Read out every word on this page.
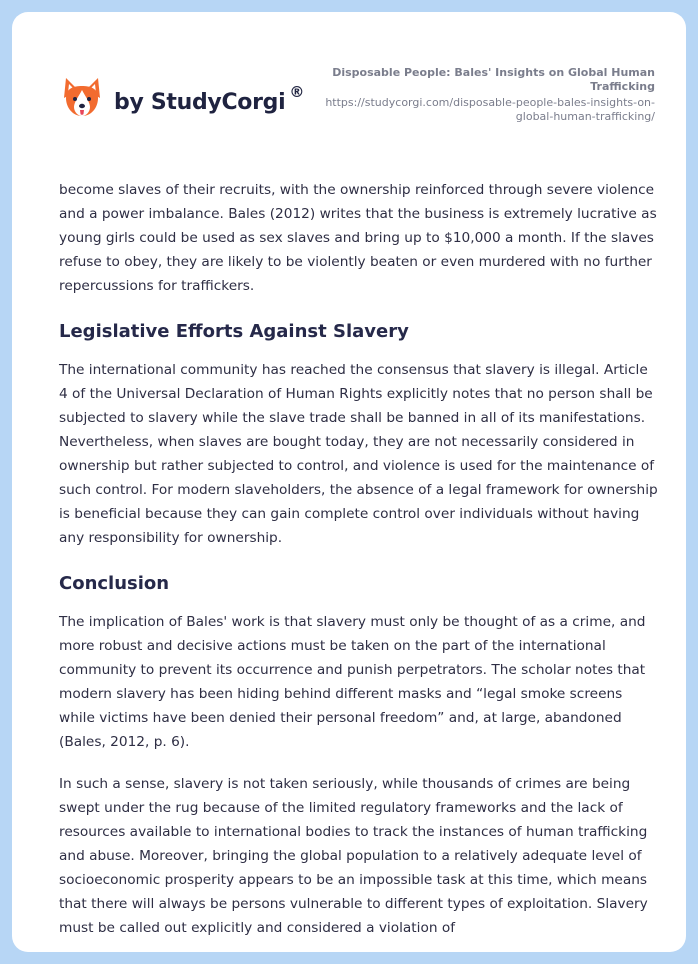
by StudyCorgi ®
Disposable People: Bales' Insights on Global Human Trafficking
https://studycorgi.com/disposable-people-bales-insights-on-global-human-trafficking/

become slaves of their recruits, with the ownership reinforced through severe violence and a power imbalance. Bales (2012) writes that the business is extremely lucrative as young girls could be used as sex slaves and bring up to $10,000 a month. If the slaves refuse to obey, they are likely to be violently beaten or even murdered with no further repercussions for traffickers.

Legislative Efforts Against Slavery

The international community has reached the consensus that slavery is illegal. Article 4 of the Universal Declaration of Human Rights explicitly notes that no person shall be subjected to slavery while the slave trade shall be banned in all of its manifestations. Nevertheless, when slaves are bought today, they are not necessarily considered in ownership but rather subjected to control, and violence is used for the maintenance of such control. For modern slaveholders, the absence of a legal framework for ownership is beneficial because they can gain complete control over individuals without having any responsibility for ownership.

Conclusion

The implication of Bales' work is that slavery must only be thought of as a crime, and more robust and decisive actions must be taken on the part of the international community to prevent its occurrence and punish perpetrators. The scholar notes that modern slavery has been hiding behind different masks and “legal smoke screens while victims have been denied their personal freedom” and, at large, abandoned (Bales, 2012, p. 6).

In such a sense, slavery is not taken seriously, while thousands of crimes are being swept under the rug because of the limited regulatory frameworks and the lack of resources available to international bodies to track the instances of human trafficking and abuse. Moreover, bringing the global population to a relatively adequate level of socioeconomic prosperity appears to be an impossible task at this time, which means that there will always be persons vulnerable to different types of exploitation. Slavery must be called out explicitly and considered a violation of
